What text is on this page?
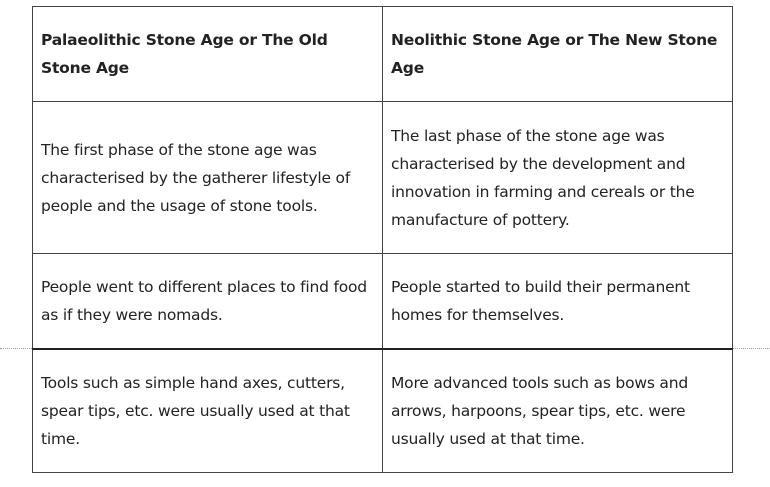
Palaeolithic Stone Age or The Old Stone Age	Neolithic Stone Age or The New Stone Age
The first phase of the stone age was characterised by the gatherer lifestyle of people and the usage of stone tools.	The last phase of the stone age was characterised by the development and innovation in farming and cereals or the manufacture of pottery.
People went to different places to find food as if they were nomads.	People started to build their permanent homes for themselves.
Tools such as simple hand axes, cutters, spear tips, etc. were usually used at that time.	More advanced tools such as bows and arrows, harpoons, spear tips, etc. were usually used at that time.
